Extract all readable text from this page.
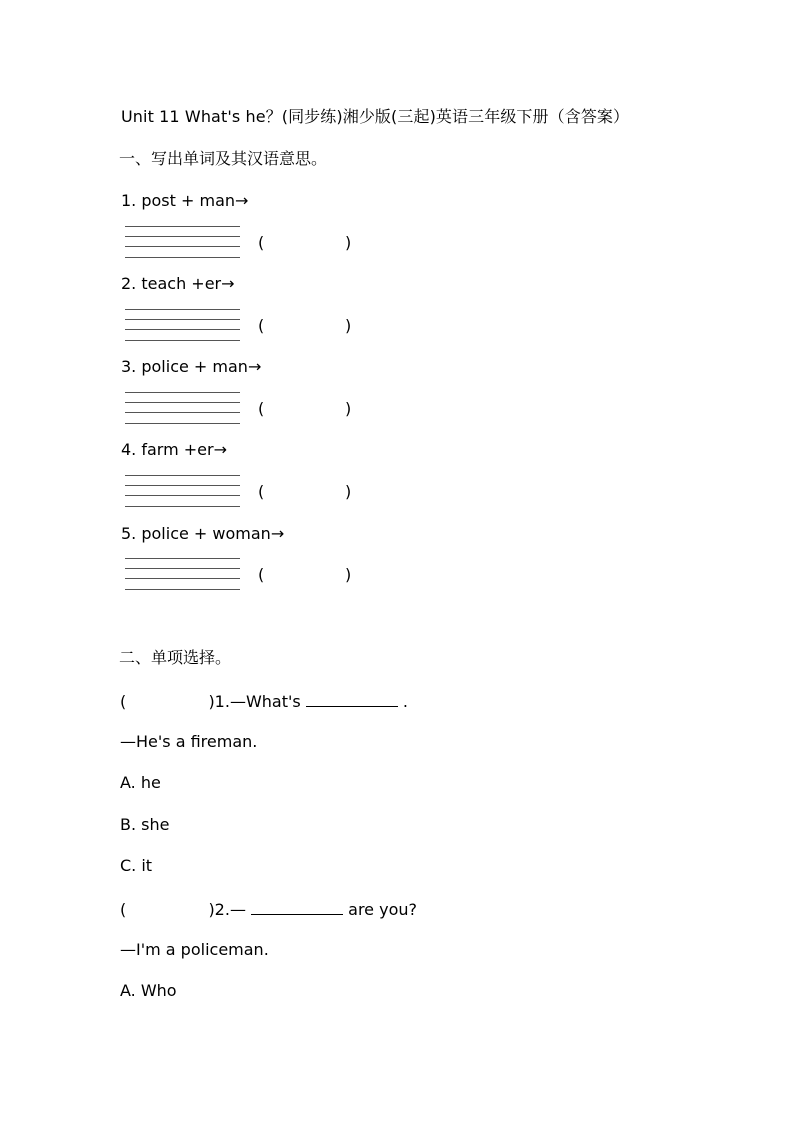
Unit 11 What's he？(同步练)湘少版(三起)英语三年级下册（含答案）
一、写出单词及其汉语意思。
1. post + man→
(	)
2. teach +er→
(	)
3. police + man→
(	)
4. farm +er→
(	)
5. police + woman→
(	)
二、单项选择。
(	)1.—What's	.
—He's a fireman.
A. he
B. she
C. it
(	)2.—	are you?
—I'm a policeman.
A. Who
